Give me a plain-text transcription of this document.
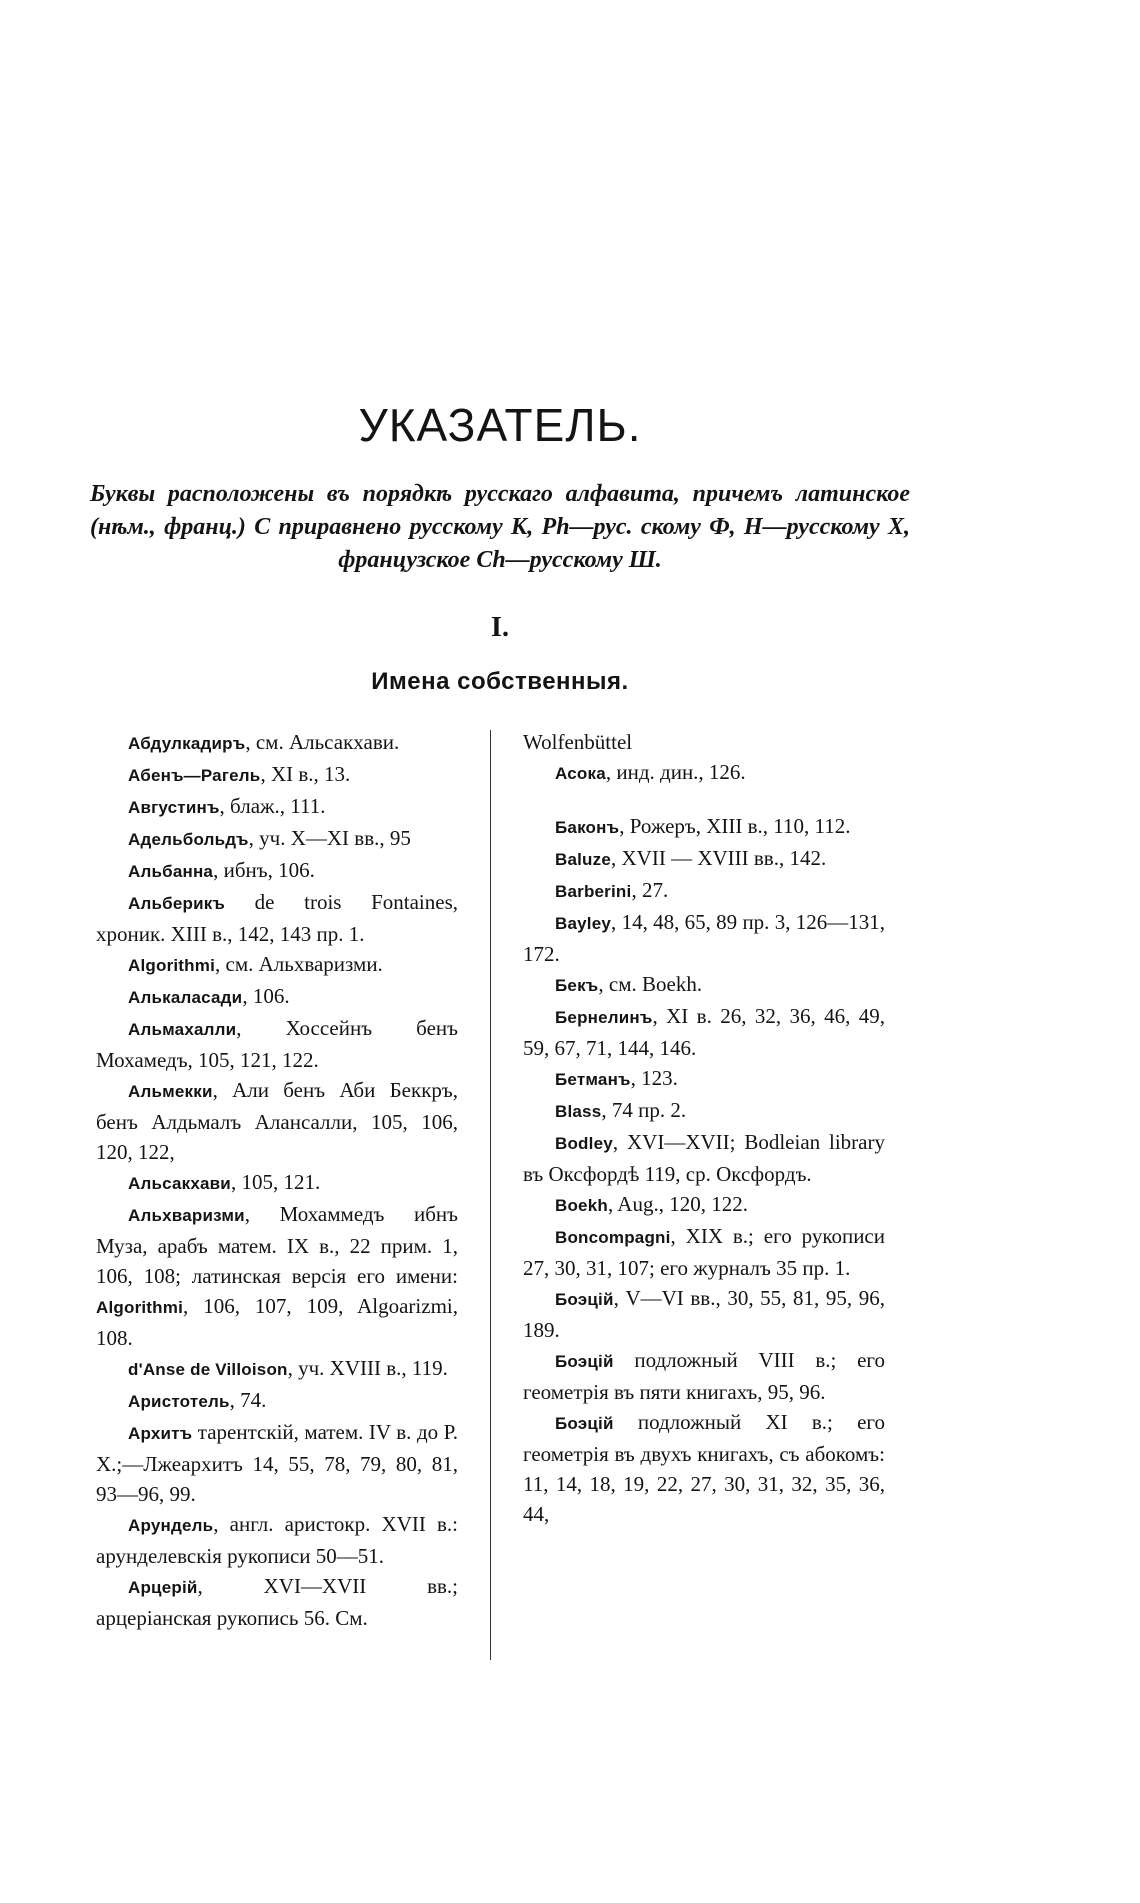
УКАЗАТЕЛЬ.
Буквы расположены въ порядкѣ русскаго алфавита, причемъ латинское (нѣм., франц.) C приравнено русскому К, Ph—рус. скому Ф, H—русскому X, французское Ch—русскому Ш.
I.
Имена собственныя.
Абдулкадиръ, см. Альсакхави.
Абенъ—Рагель, XI в., 13.
Августинъ, блаж., 111.
Адельбольдъ, уч. X—XI вв., 95
Альбанна, ибнъ, 106.
Альберикъ de trois Fontaines, хроник. XIII в., 142, 143 пр. 1.
Algorithmi, см. Альхваризми.
Алькаласади, 106.
Альмахалли, Хоссейнъ бенъ Мохамедъ, 105, 121, 122.
Альмекки, Али бенъ Аби Беккръ, бенъ Алдьмалъ Алансалли, 105, 106, 120, 122,
Альсакхави, 105, 121.
Альхваризми, Мохаммедъ ибнъ Муза, арабъ матем. IX в., 22 прим. 1, 106, 108; латинская версія его имени: Algorithmi, 106, 107, 109, Algoarizmi, 108.
d'Anse de Villoison, уч. XVIII в., 119.
Аристотель, 74.
Архитъ тарентскій, матем. IV в. до Р. X.;—Лжеархитъ 14, 55, 78, 79, 80, 81, 93—96, 99.
Арундель, англ. аристокр. XVII в.: арунделевскія рукописи 50—51.
Арцерій, XVI—XVII вв.; арцеріанская рукопись 56. См.
Wolfenbüttel
Асока, инд. дин., 126.
Баконъ, Рожеръ, XIII в., 110, 112.
Baluze, XVII — XVIII вв., 142.
Barberini, 27.
Bayley, 14, 48, 65, 89 пр. 3, 126—131, 172.
Бекъ, см. Boekh.
Бернелинъ, XI в. 26, 32, 36, 46, 49, 59, 67, 71, 144, 146.
Бетманъ, 123.
Blass, 74 пр. 2.
Bodley, XVI—XVII; Bodleian library въ Оксфордѣ 119, ср. Оксфордъ.
Boekh, Aug., 120, 122.
Boncompagni, XIX в.; его рукописи 27, 30, 31, 107; его журналъ 35 пр. 1.
Боэцій, V—VI вв., 30, 55, 81, 95, 96, 189.
Боэцій подложный VIII в.; его геометрія въ пяти книгахъ, 95, 96.
Боэцій подложный XI в.; его геометрія въ двухъ книгахъ, съ абокомъ: 11, 14, 18, 19, 22, 27, 30, 31, 32, 35, 36, 44,
